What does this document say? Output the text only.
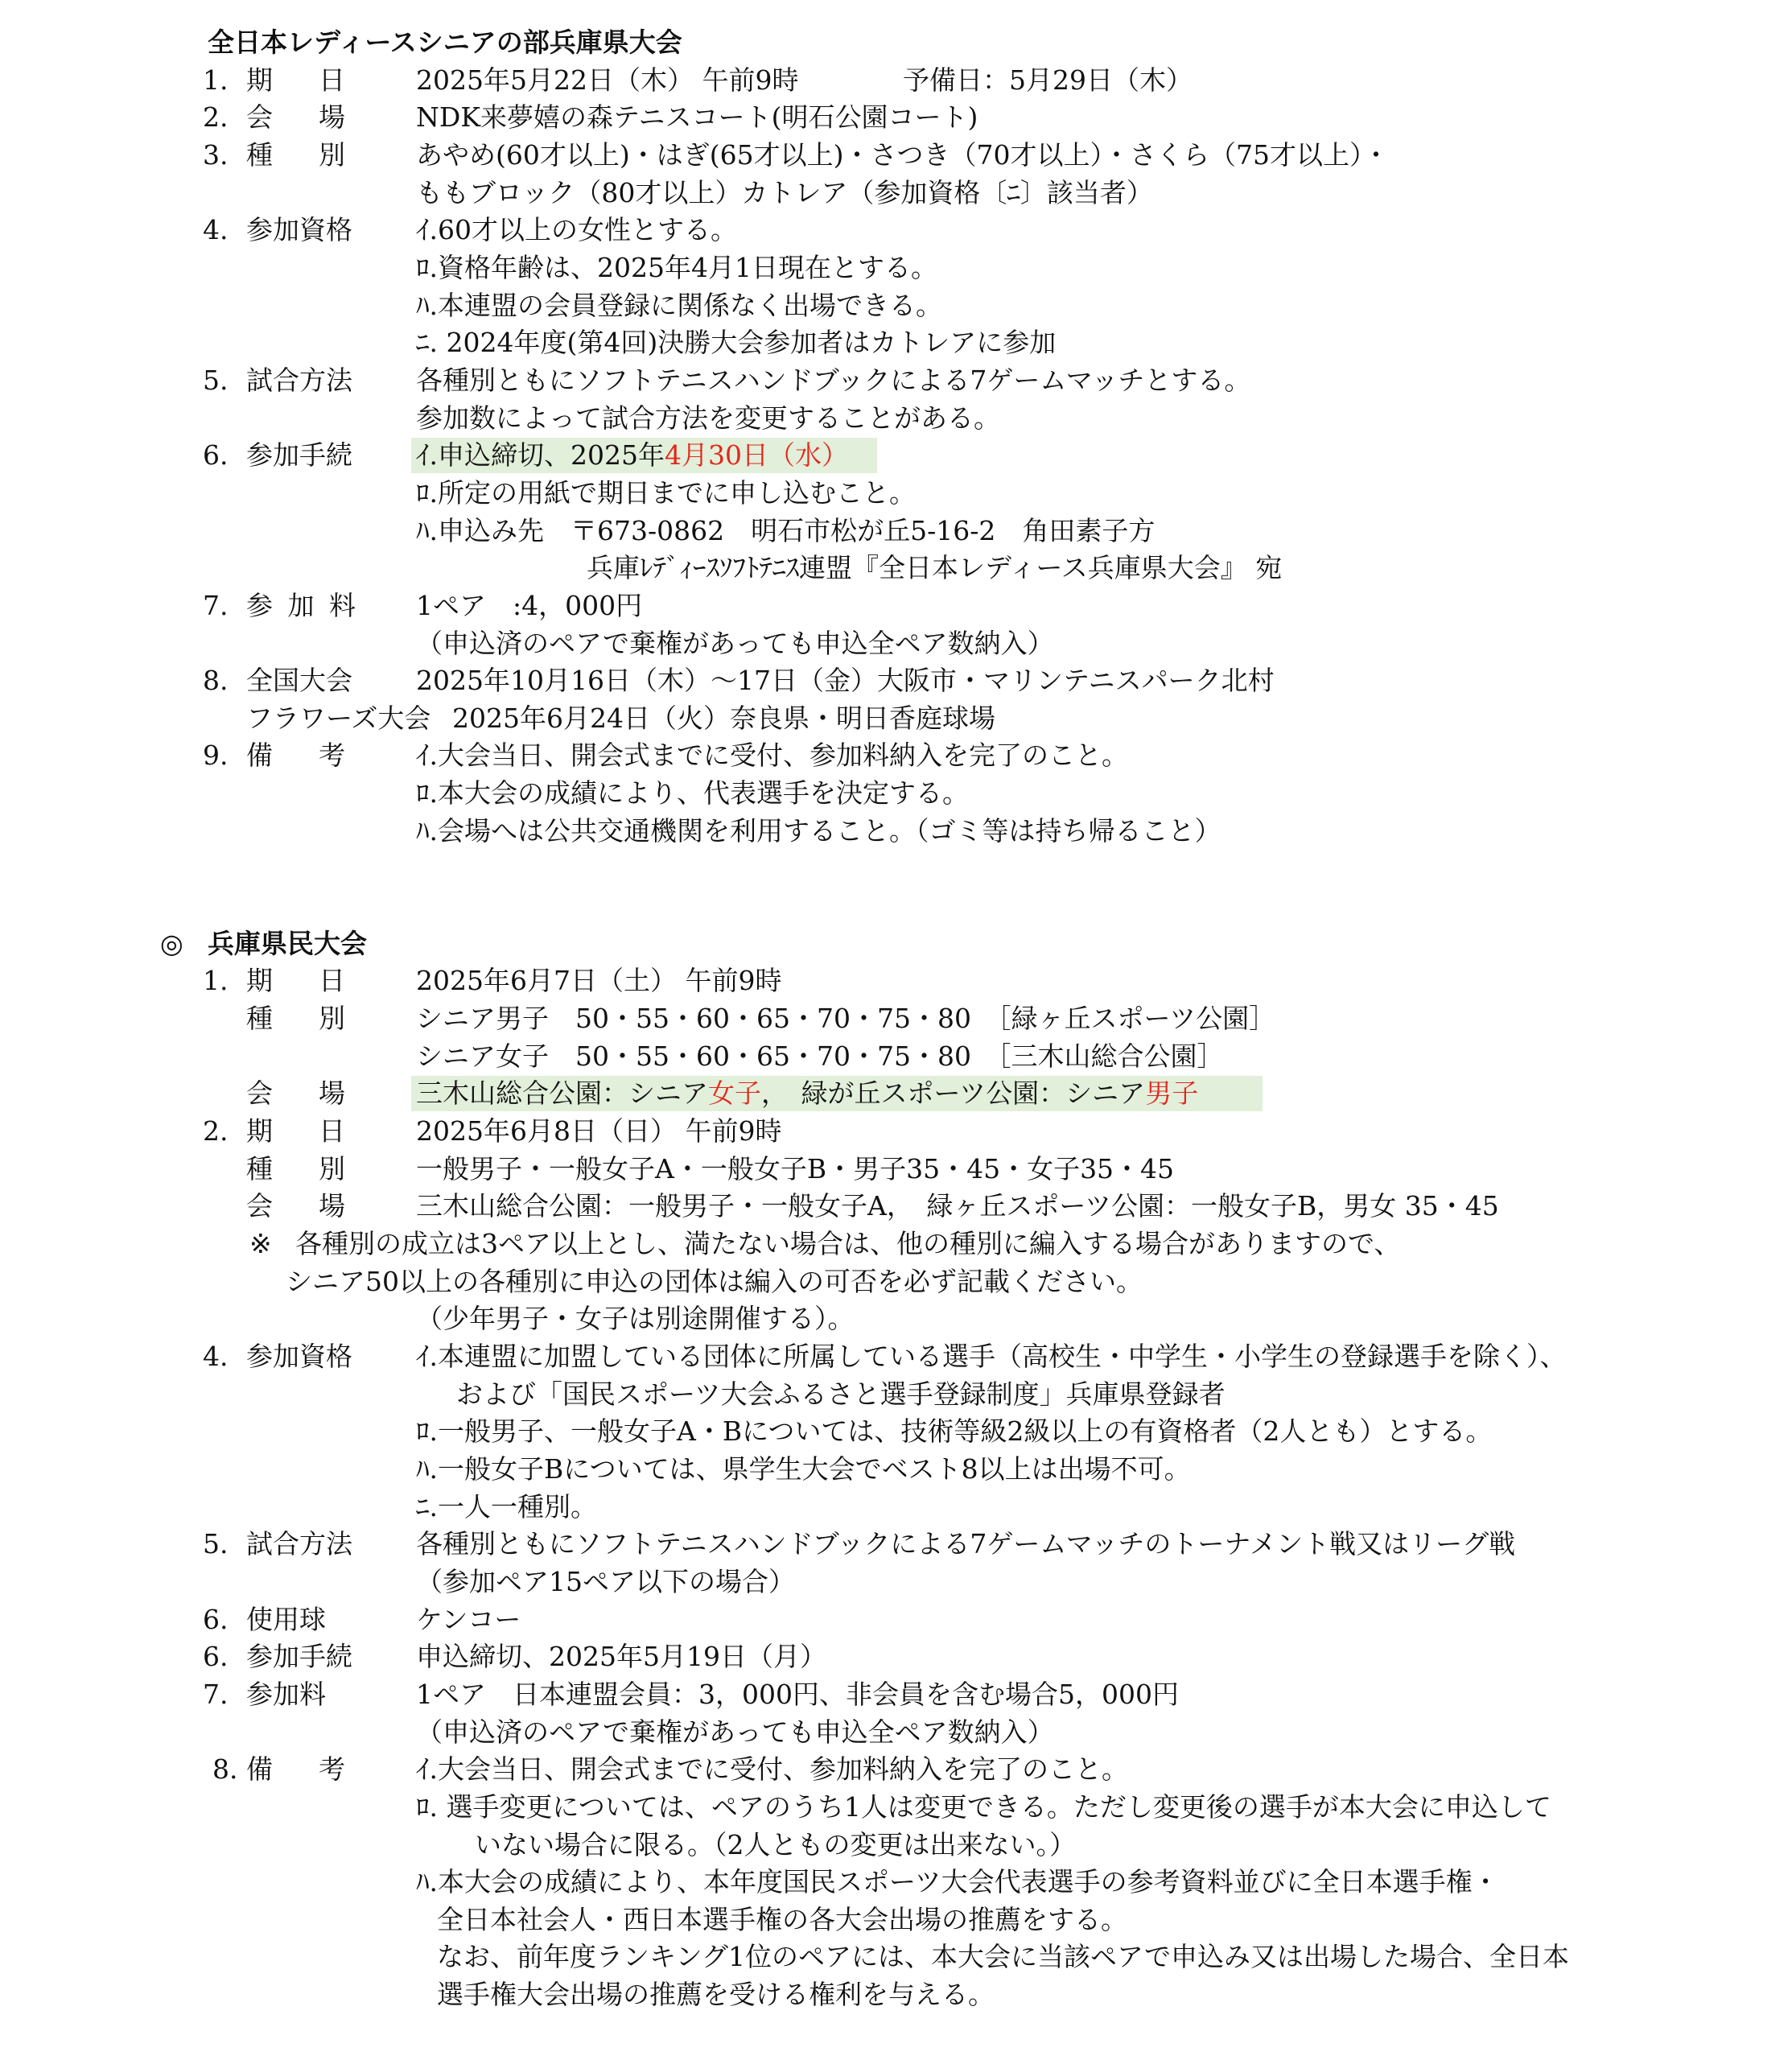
全日本レディースシニアの部兵庫県大会
1. 期　日 2025年5月22日（木） 午前9時	予備日：5月29日（木）
2. 会　場 NDK来夢嬉の森テニスコート(明石公園コート)
3. 種　別 あやめ(60才以上)・はぎ(65才以上)・さつき（70才以上）・さくら（75才以上）・
ももブロック（80才以上）カトレア（参加資格〔ﾆ〕該当者）
4. 参加資格 ｲ.60才以上の女性とする。
ﾛ.資格年齢は、2025年4月1日現在とする。
ﾊ.本連盟の会員登録に関係なく出場できる。
ﾆ. 2024年度(第4回)決勝大会参加者はカトレアに参加
5. 試合方法 各種別ともにソフトテニスハンドブックによる7ゲームマッチとする。
参加数によって試合方法を変更することがある。
6. 参加手続 ｲ.申込締切、2025年4月30日（水）
ﾛ.所定の用紙で期日までに申し込むこと。
ﾊ.申込み先　〒673-0862　明石市松が丘5-16-2　角田素子方
兵庫ﾚﾃﾞｨｰｽｿﾌﾄﾃﾆｽ連盟『全日本レディース兵庫県大会』 宛
7. 参 加 料 1ペア　:4，000円
（申込済のペアで棄権があっても申込全ペア数納入）
8. 全国大会 2025年10月16日（木）～17日（金）大阪市・マリンテニスパーク北村
フラワーズ大会 2025年6月24日（火）奈良県・明日香庭球場
9. 備　考 ｲ.大会当日、開会式までに受付、参加料納入を完了のこと。
ﾛ.本大会の成績により、代表選手を決定する。
ﾊ.会場へは公共交通機関を利用すること。（ゴミ等は持ち帰ること）
◎ 兵庫県民大会
1. 期　日 2025年6月7日（土） 午前9時
種　別 シニア男子　50・55・60・65・70・75・80　［緑ヶ丘スポーツ公園］
シニア女子　50・55・60・65・70・75・80　［三木山総合公園］
会　場 三木山総合公園：シニア女子，　緑が丘スポーツ公園：シニア男子
2. 期　日 2025年6月8日（日） 午前9時
種　別 一般男子・一般女子A・一般女子B・男子35・45・女子35・45
会　場 三木山総合公園：一般男子・一般女子A，　緑ヶ丘スポーツ公園：一般女子B，男女 35・45
※ 各種別の成立は3ペア以上とし、満たない場合は、他の種別に編入する場合がありますので、
シニア50以上の各種別に申込の団体は編入の可否を必ず記載ください。
（少年男子・女子は別途開催する）。
4. 参加資格 ｲ.本連盟に加盟している団体に所属している選手（高校生・中学生・小学生の登録選手を除く）、
および「国民スポーツ大会ふるさと選手登録制度」兵庫県登録者
ﾛ.一般男子、一般女子A・Bについては、技術等級2級以上の有資格者（2人とも）とする。
ﾊ.一般女子Bについては、県学生大会でベスト8以上は出場不可。
ﾆ.一人一種別。
5. 試合方法 各種別ともにソフトテニスハンドブックによる7ゲームマッチのトーナメント戦又はリーグ戦
（参加ペア15ペア以下の場合）
6. 使用球	ケンコー
6. 参加手続 申込締切、2025年5月19日（月）
7. 参加料	1ペア　日本連盟会員：3，000円、非会員を含む場合5，000円
（申込済のペアで棄権があっても申込全ペア数納入）
8. 備　考 ｲ.大会当日、開会式までに受付、参加料納入を完了のこと。
ﾛ. 選手変更については、ペアのうち1人は変更できる。ただし変更後の選手が本大会に申込して
いない場合に限る。（2人ともの変更は出来ない。）
ﾊ.本大会の成績により、本年度国民スポーツ大会代表選手の参考資料並びに全日本選手権・
全日本社会人・西日本選手権の各大会出場の推薦をする。
なお、前年度ランキング1位のペアには、本大会に当該ペアで申込み又は出場した場合、全日本
選手権大会出場の推薦を受ける権利を与える。
